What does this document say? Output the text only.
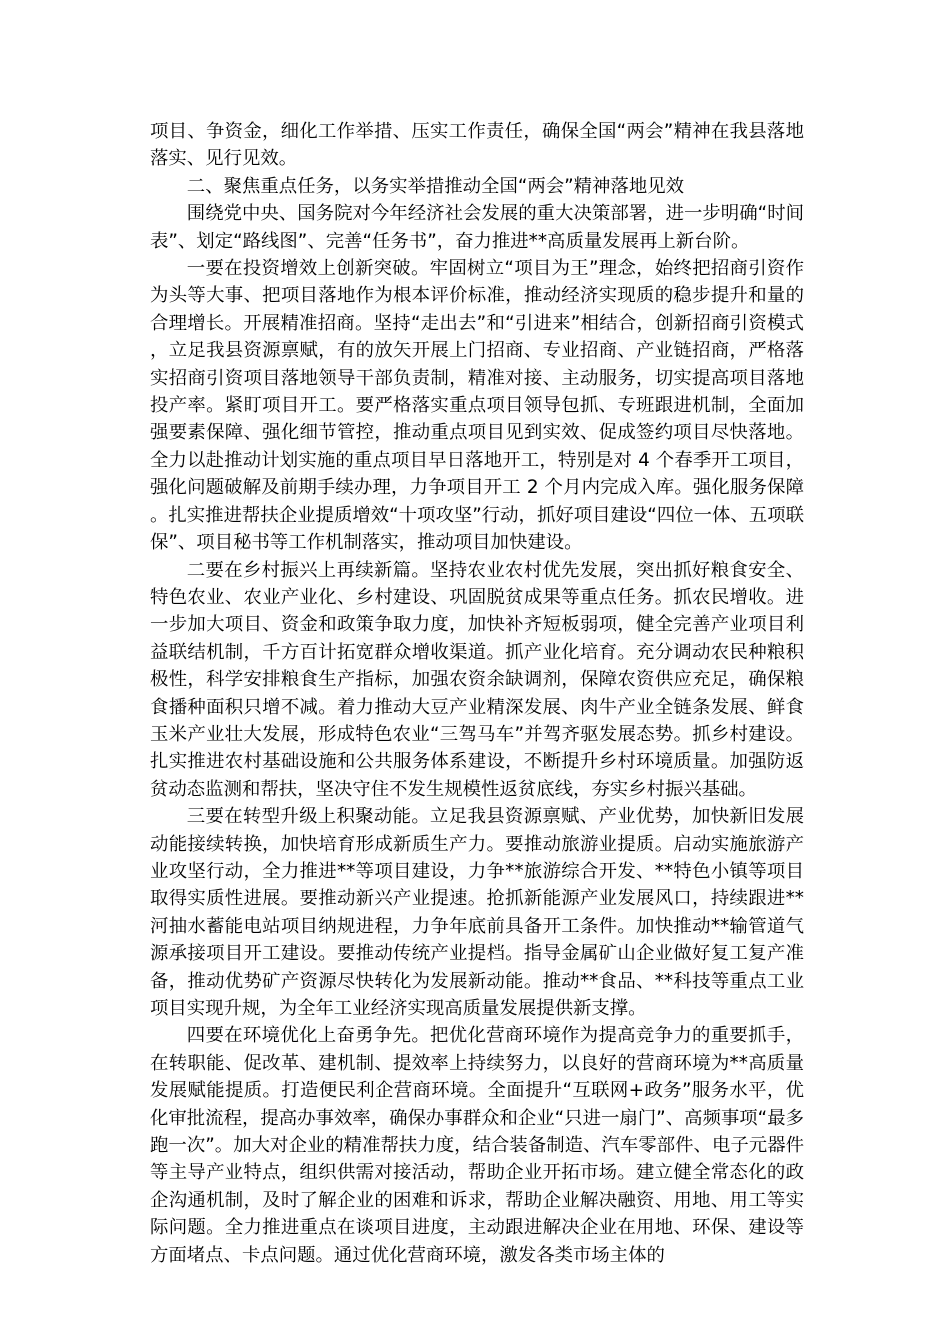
项目、争资金，细化工作举措、压实工作责任，确保全国“两会”精神在我县落地落实、见行见效。

二、聚焦重点任务，以务实举措推动全国“两会”精神落地见效

围绕党中央、国务院对今年经济社会发展的重大决策部署，进一步明确“时间表”、划定“路线图”、完善“任务书”，奋力推进**高质量发展再上新台阶。

一要在投资增效上创新突破。牢固树立“项目为王”理念，始终把招商引资作为头等大事、把项目落地作为根本评价标准，推动经济实现质的稳步提升和量的合理增长。开展精准招商。坚持“走出去”和“引进来”相结合，创新招商引资模式，立足我县资源禀赋，有的放矢开展上门招商、专业招商、产业链招商，严格落实招商引资项目落地领导干部负责制，精准对接、主动服务，切实提高项目落地投产率。紧盯项目开工。要严格落实重点项目领导包抓、专班跟进机制，全面加强要素保障、强化细节管控，推动重点项目见到实效、促成签约项目尽快落地。全力以赴推动计划实施的重点项目早日落地开工，特别是对 4 个春季开工项目，强化问题破解及前期手续办理，力争项目开工 2 个月内完成入库。强化服务保障。扎实推进帮扶企业提质增效“十项攻坚”行动，抓好项目建设“四位一体、五项联保”、项目秘书等工作机制落实，推动项目加快建设。

二要在乡村振兴上再续新篇。坚持农业农村优先发展，突出抓好粮食安全、特色农业、农业产业化、乡村建设、巩固脱贫成果等重点任务。抓农民增收。进一步加大项目、资金和政策争取力度，加快补齐短板弱项，健全完善产业项目利益联结机制，千方百计拓宽群众增收渠道。抓产业化培育。充分调动农民种粮积极性，科学安排粮食生产指标，加强农资余缺调剂，保障农资供应充足，确保粮食播种面积只增不减。着力推动大豆产业精深发展、肉牛产业全链条发展、鲜食玉米产业壮大发展，形成特色农业“三驾马车”并驾齐驱发展态势。抓乡村建设。扎实推进农村基础设施和公共服务体系建设，不断提升乡村环境质量。加强防返贫动态监测和帮扶，坚决守住不发生规模性返贫底线，夯实乡村振兴基础。

三要在转型升级上积聚动能。立足我县资源禀赋、产业优势，加快新旧发展动能接续转换，加快培育形成新质生产力。要推动旅游业提质。启动实施旅游产业攻坚行动，全力推进**等项目建设，力争**旅游综合开发、**特色小镇等项目取得实质性进展。要推动新兴产业提速。抢抓新能源产业发展风口，持续跟进**河抽水蓄能电站项目纳规进程，力争年底前具备开工条件。加快推动**输管道气源承接项目开工建设。要推动传统产业提档。指导金属矿山企业做好复工复产准备，推动优势矿产资源尽快转化为发展新动能。推动**食品、**科技等重点工业项目实现升规，为全年工业经济实现高质量发展提供新支撑。

四要在环境优化上奋勇争先。把优化营商环境作为提高竞争力的重要抓手，在转职能、促改革、建机制、提效率上持续努力，以良好的营商环境为**高质量发展赋能提质。打造便民利企营商环境。全面提升“互联网+政务”服务水平，优化审批流程，提高办事效率，确保办事群众和企业“只进一扇门”、高频事项“最多跑一次”。加大对企业的精准帮扶力度，结合装备制造、汽车零部件、电子元器件等主导产业特点，组织供需对接活动，帮助企业开拓市场。建立健全常态化的政企沟通机制，及时了解企业的困难和诉求，帮助企业解决融资、用地、用工等实际问题。全力推进重点在谈项目进度，主动跟进解决企业在用地、环保、建设等方面堵点、卡点问题。通过优化营商环境，激发各类市场主体的
